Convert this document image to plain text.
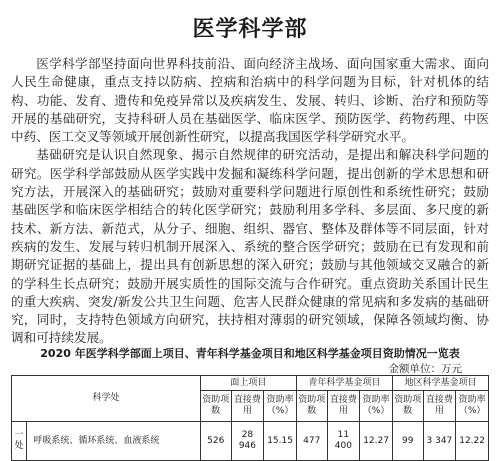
医学科学部

医学科学部坚持面向世界科技前沿、面向经济主战场、面向国家重大需求、面向人民生命健康，重点支持以防病、控病和治病中的科学问题为目标，针对机体的结构、功能、发育、遗传和免疫异常以及疾病发生、发展、转归、诊断、治疗和预防等开展的基础研究，支持科研人员在基础医学、临床医学、预防医学、药物药理、中医中药、医工交叉等领域开展创新性研究，以提高我国医学科学研究水平。

基础研究是认识自然现象、揭示自然规律的研究活动，是提出和解决科学问题的研究。医学科学部鼓励从医学实践中发掘和凝练科学问题，提出创新的学术思想和研究方法，开展深入的基础研究；鼓励对重要科学问题进行原创性和系统性研究；鼓励基础医学和临床医学相结合的转化医学研究；鼓励利用多学科、多层面、多尺度的新技术、新方法、新范式，从分子、细胞、组织、器官、整体及群体等不同层面，针对疾病的发生、发展与转归机制开展深入、系统的整合医学研究；鼓励在已有发现和前期研究证据的基础上，提出具有创新思想的深入研究；鼓励与其他领域交叉融合的新的学科生长点研究；鼓励开展实质性的国际交流与合作研究。重点资助关系国计民生的重大疾病、突发/新发公共卫生问题、危害人民群众健康的常见病和多发病的基础研究，同时，支持特色领域方向研究，扶持相对薄弱的研究领域，保障各领域均衡、协调和可持续发展。

2020 年医学科学部面上项目、青年科学基金项目和地区科学基金项目资助情况一览表
金额单位：万元
科学处		面上项目			青年科学基金项目			地区科学基金项目		
		资助项数	直接费用	资助率（%）	资助项数	直接费用	资助率（%）	资助项数	直接费用	资助率（%）
一处	呼吸系统、循环系统、血液系统	526	28 946	15.15	477	11 400	12.27	99	3 347	12.22
